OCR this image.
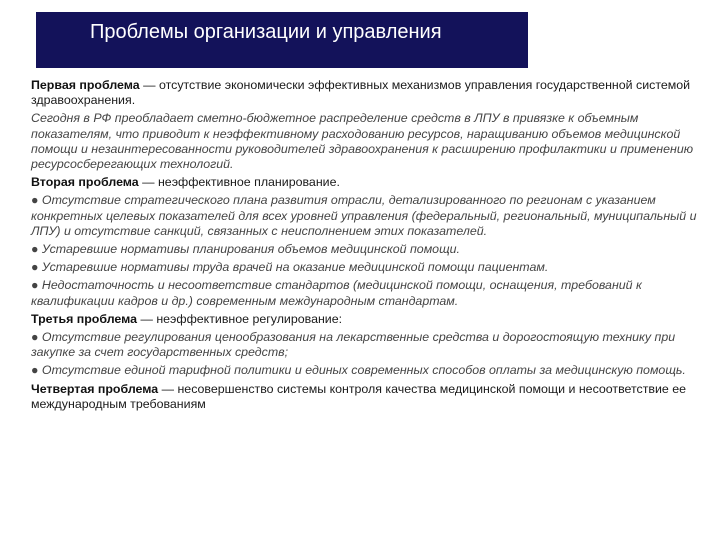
Проблемы организации и управления

Первая проблема — отсутствие экономически эффективных механизмов управления государственной системой здравоохранения.

Сегодня в РФ преобладает сметно-бюджетное распределение средств в ЛПУ в привязке к объемным показателям, что приводит к неэффективному расходованию ресурсов, наращиванию объемов медицинской помощи и незаинтересованности руководителей здравоохранения к расширению профилактики и применению ресурсосберегающих технологий.

Вторая проблема — неэффективное планирование.

● Отсутствие стратегического плана развития отрасли, детализированного по регионам с указанием конкретных целевых показателей для всех уровней управления (федеральный, региональный, муниципальный и ЛПУ) и отсутствие санкций, связанных с неисполнением этих показателей.

● Устаревшие нормативы планирования объемов медицинской помощи.

● Устаревшие нормативы труда врачей на оказание медицинской помощи пациентам.

● Недостаточность и несоответствие стандартов (медицинской помощи, оснащения, требований к квалификации кадров и др.) современным международным стандартам.

Третья проблема — неэффективное регулирование:

● Отсутствие регулирования ценообразования на лекарственные средства и дорогостоящую технику при закупке за счет государственных средств;

● Отсутствие единой тарифной политики и единых современных способов оплаты за медицинскую помощь.

Четвертая проблема — несовершенство системы контроля качества медицинской помощи и несоответствие ее международным требованиям
